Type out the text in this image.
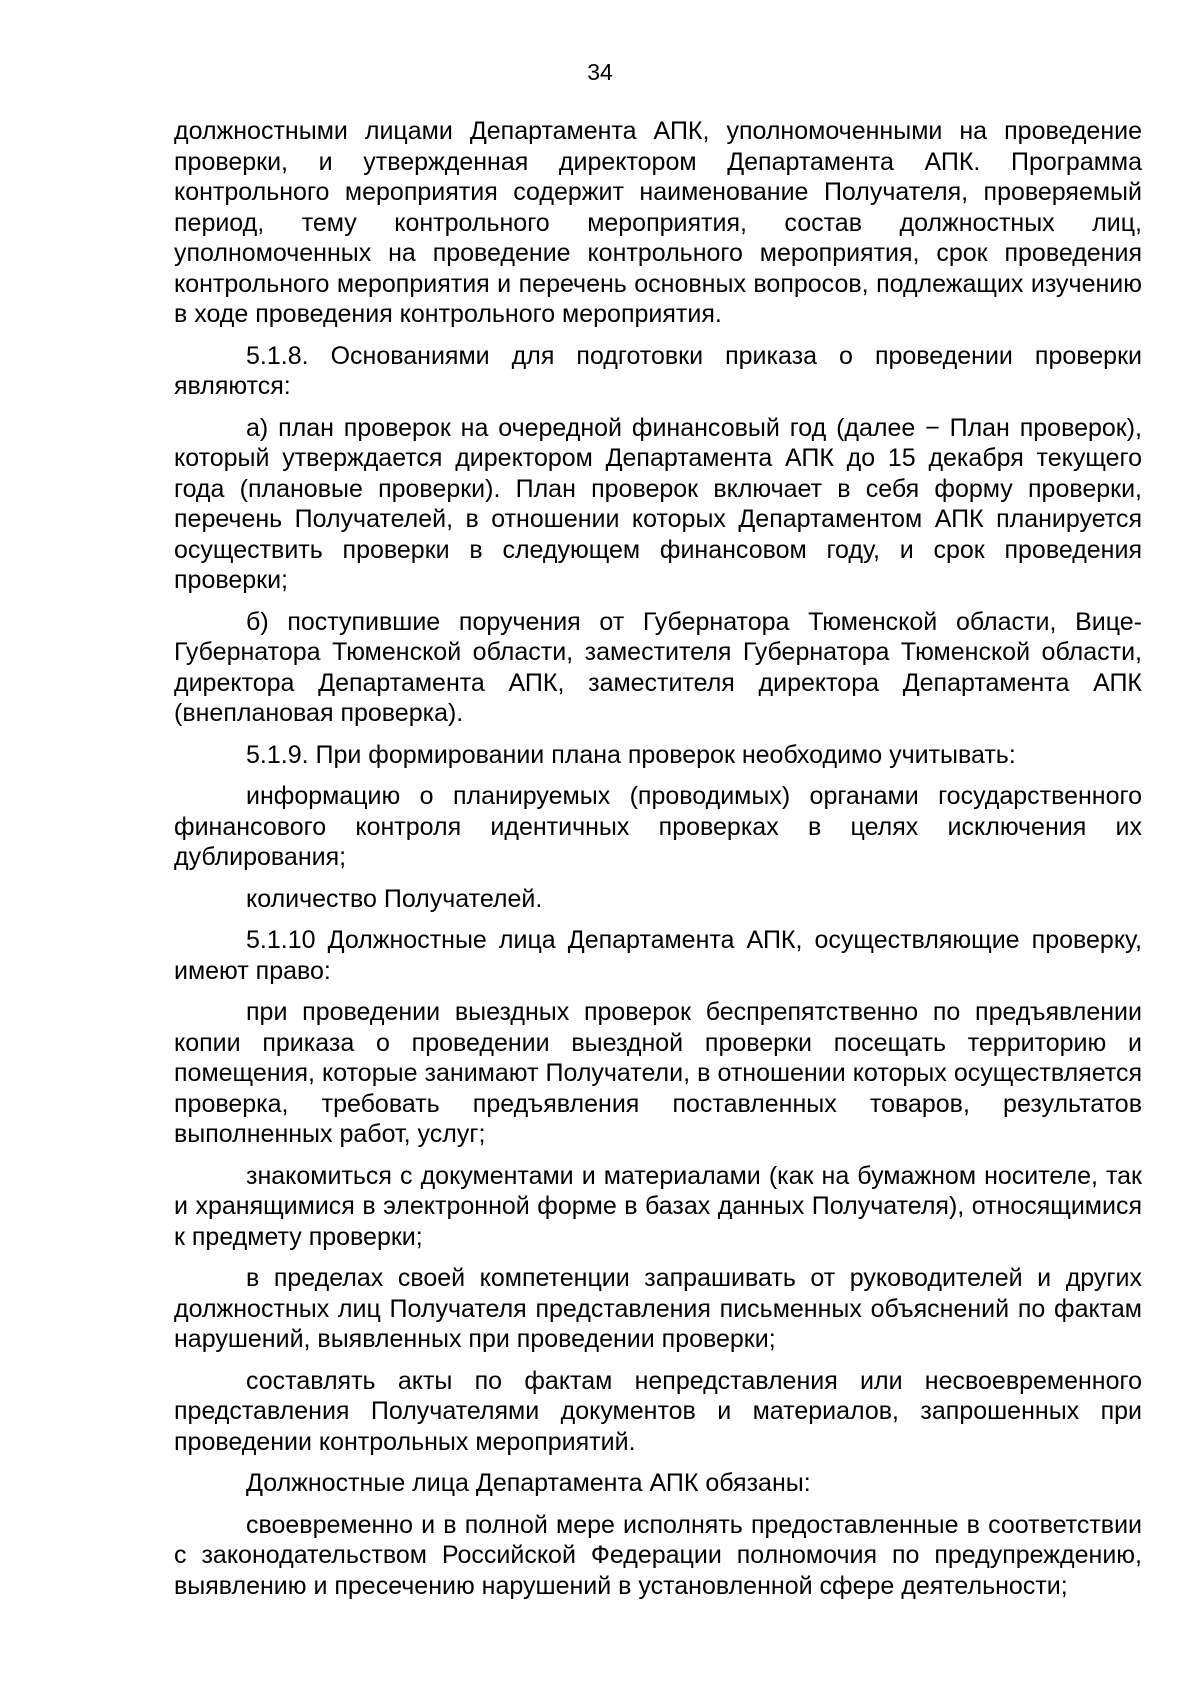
34

должностными лицами Департамента АПК, уполномоченными на проведение проверки, и утвержденная директором Департамента АПК. Программа контрольного мероприятия содержит наименование Получателя, проверяемый период, тему контрольного мероприятия, состав должностных лиц, уполномоченных на проведение контрольного мероприятия, срок проведения контрольного мероприятия и перечень основных вопросов, подлежащих изучению в ходе проведения контрольного мероприятия.

5.1.8. Основаниями для подготовки приказа о проведении проверки являются:

а) план проверок на очередной финансовый год (далее − План проверок), который утверждается директором Департамента АПК до 15 декабря текущего года (плановые проверки). План проверок включает в себя форму проверки, перечень Получателей, в отношении которых Департаментом АПК планируется осуществить проверки в следующем финансовом году, и срок проведения проверки;

б) поступившие поручения от Губернатора Тюменской области, Вице-Губернатора Тюменской области, заместителя Губернатора Тюменской области, директора Департамента АПК, заместителя директора Департамента АПК (внеплановая проверка).

5.1.9. При формировании плана проверок необходимо учитывать:

информацию о планируемых (проводимых) органами государственного финансового контроля идентичных проверках в целях исключения их дублирования;

количество Получателей.

5.1.10 Должностные лица Департамента АПК, осуществляющие проверку, имеют право:

при проведении выездных проверок беспрепятственно по предъявлении копии приказа о проведении выездной проверки посещать территорию и помещения, которые занимают Получатели, в отношении которых осуществляется проверка, требовать предъявления поставленных товаров, результатов выполненных работ, услуг;

знакомиться с документами и материалами (как на бумажном носителе, так и хранящимися в электронной форме в базах данных Получателя), относящимися к предмету проверки;

в пределах своей компетенции запрашивать от руководителей и других должностных лиц Получателя представления письменных объяснений по фактам нарушений, выявленных при проведении проверки;

составлять акты по фактам непредставления или несвоевременного представления Получателями документов и материалов, запрошенных при проведении контрольных мероприятий.

Должностные лица Департамента АПК обязаны:

своевременно и в полной мере исполнять предоставленные в соответствии с законодательством Российской Федерации полномочия по предупреждению, выявлению и пресечению нарушений в установленной сфере деятельности;
